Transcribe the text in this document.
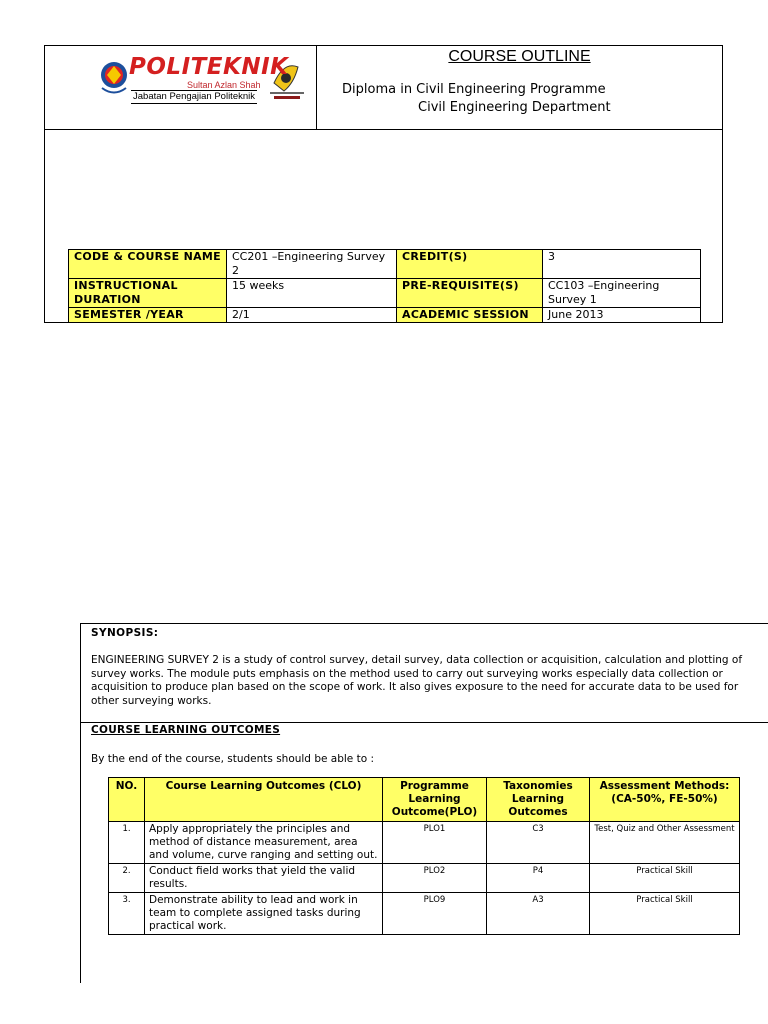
POLITEKNIK
Sultan Azlan Shah
Jabatan Pengajian Politeknik
COURSE OUTLINE
Diploma in Civil Engineering Programme
Civil Engineering Department
CODE & COURSE NAME	CC201 –Engineering Survey 2	CREDIT(S)	3
INSTRUCTIONAL DURATION	15 weeks	PRE-REQUISITE(S)	CC103 –Engineering Survey 1
SEMESTER /YEAR	2/1	ACADEMIC SESSION	June 2013
SYNOPSIS:
ENGINEERING SURVEY 2 is a study of control survey, detail survey, data collection or acquisition, calculation and plotting of survey works. The module puts emphasis on the method used to carry out surveying works especially data collection or acquisition to produce plan based on the scope of work. It also gives exposure to the need for accurate data to be used for other surveying works.
COURSE LEARNING OUTCOMES
By the end of the course, students should be able to :
NO.	Course Learning Outcomes (CLO)	Programme Learning Outcome(PLO)	Taxonomies Learning Outcomes	Assessment Methods: (CA-50%, FE-50%)
1.	Apply appropriately the principles and method of distance measurement, area and volume, curve ranging and setting out.	PLO1	C3	Test, Quiz and Other Assessment
2.	Conduct field works that yield the valid results.	PLO2	P4	Practical Skill
3.	Demonstrate ability to lead and work in team to complete assigned tasks during practical work.	PLO9	A3	Practical Skill
